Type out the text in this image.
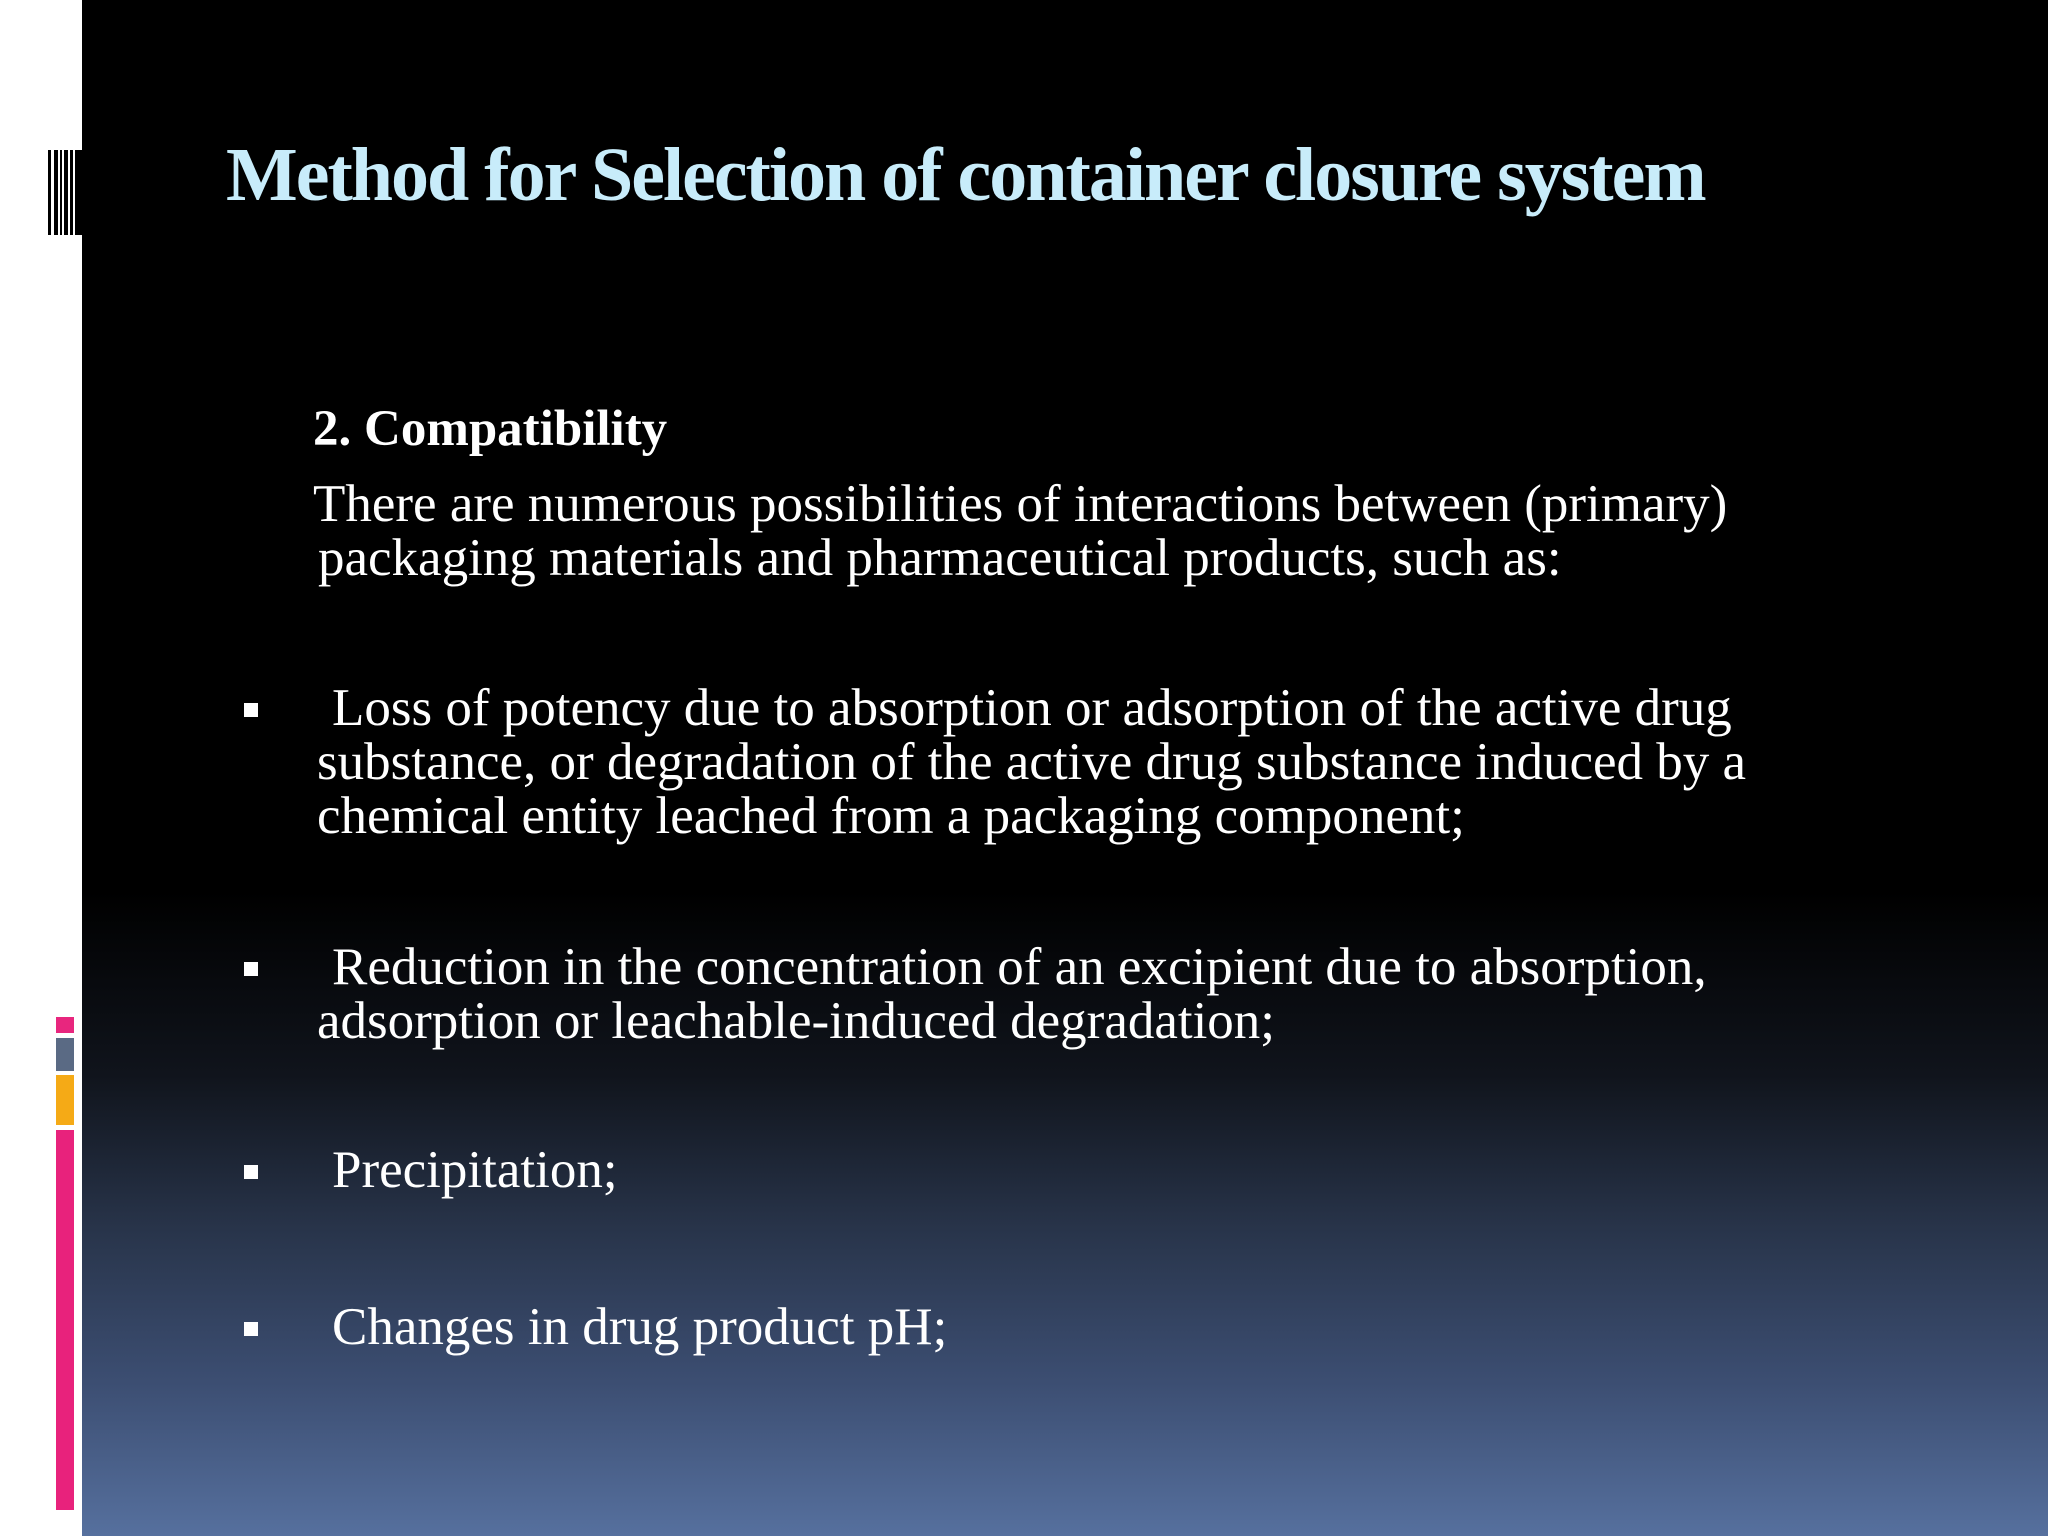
Method for Selection of container closure system

2. Compatibility

There are numerous possibilities of interactions between (primary)
packaging materials and pharmaceutical products, such as:

Loss of potency due to absorption or adsorption of the active drug
substance, or degradation of the active drug substance induced by a
chemical entity leached from a packaging component;
Reduction in the concentration of an excipient due to absorption,
adsorption or leachable-induced degradation;
Precipitation;
Changes in drug product pH;
